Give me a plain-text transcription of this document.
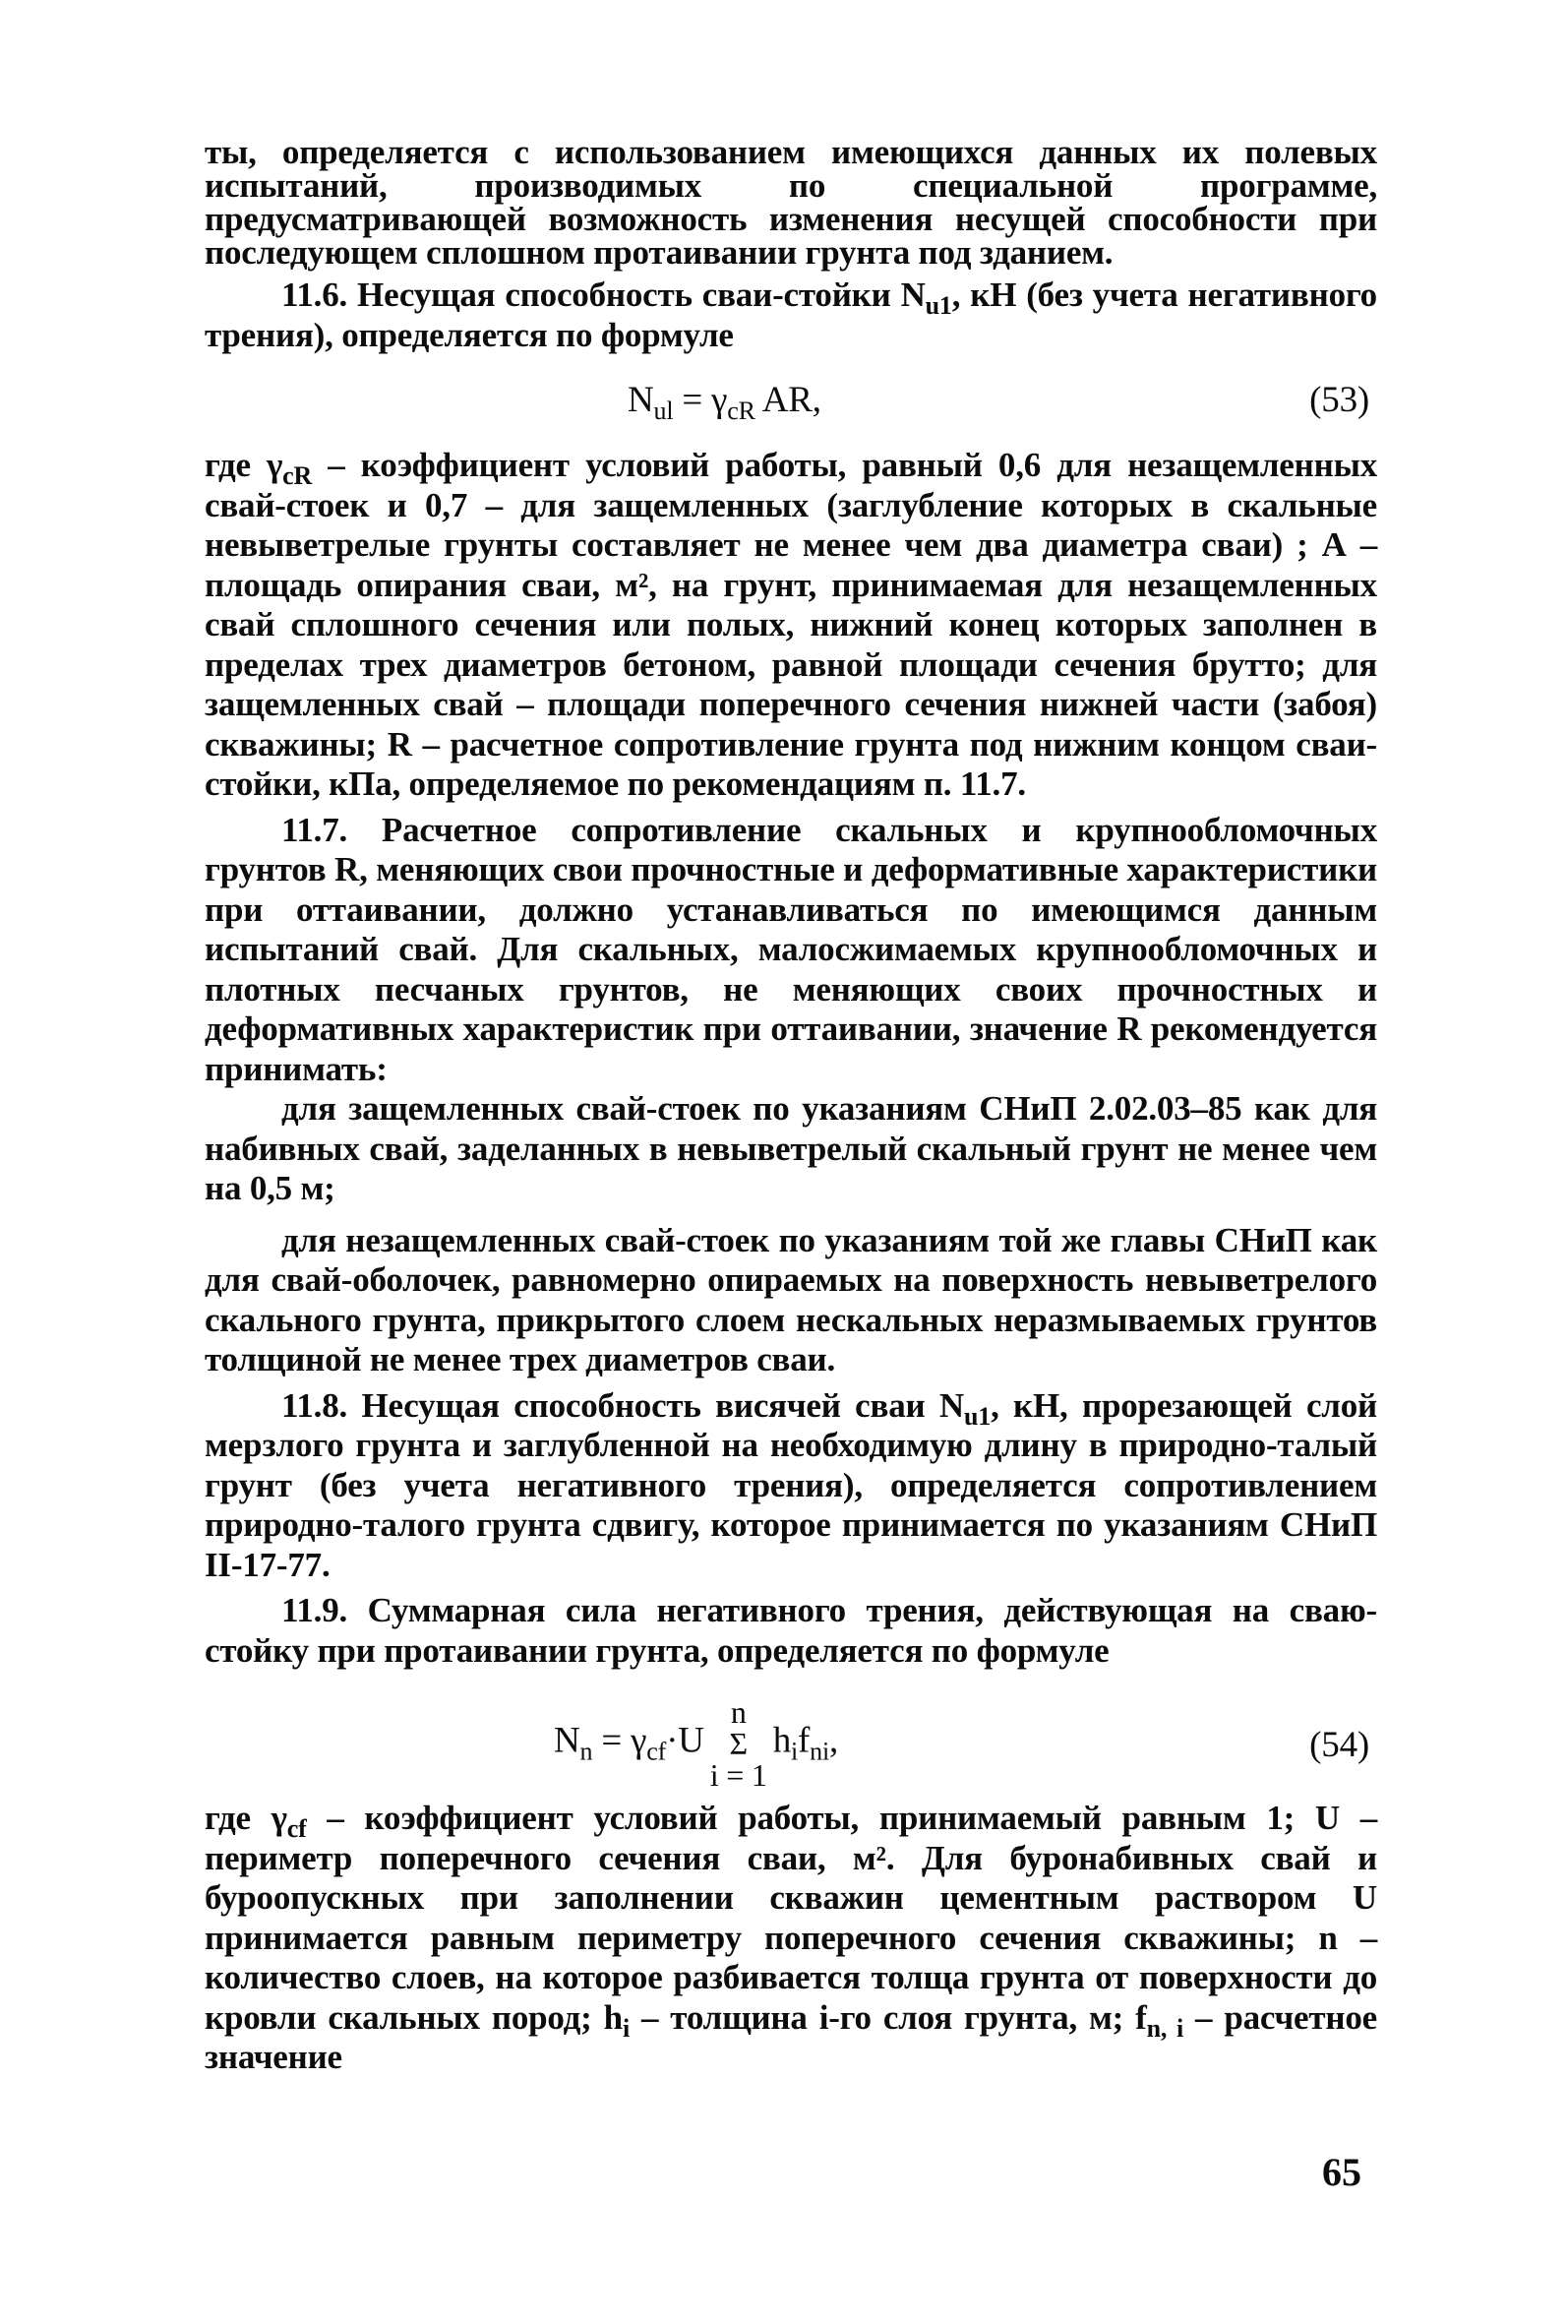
ты, определяется с использованием имеющихся данных их полевых испытаний, производимых по специальной программе, предусматривающей возможность изменения несущей способности при последующем сплошном протаивании грунта под зданием.

11.6. Несущая способность сваи-стойки $N_{u1}$, кН (без учета негативного трения), определяется по формуле

$N_{ul} = \gamma_{cR}$ AR,	(53)

где $\gamma_{cR}$ – коэффициент условий работы, равный 0,6 для незащемленных свай-стоек и 0,7 – для защемленных (заглубление которых в скальные невыветрелые грунты составляет не менее чем два диаметра сваи) ; А – площадь опирания сваи, м², на грунт, принимаемая для незащемленных свай сплошного сечения или полых, нижний конец которых заполнен в пределах трех диаметров бетоном, равной площади сечения брутто; для защемленных свай – площади поперечного сечения нижней части (забоя) скважины; R – расчетное сопротивление грунта под нижним концом сваи-стойки, кПа, определяемое по рекомендациям п. 11.7.

11.7. Расчетное сопротивление скальных и крупнообломочных грунтов R, меняющих свои прочностные и деформативные характеристики при оттаивании, должно устанавливаться по имеющимся данным испытаний свай. Для скальных, малосжимаемых крупнообломочных и плотных песчаных грунтов, не меняющих своих прочностных и деформативных характеристик при оттаивании, значение R рекомендуется принимать:

для защемленных свай-стоек по указаниям СНиП 2.02.03–85 как для набивных свай, заделанных в невыветрелый скальный грунт не менее чем на 0,5 м;

для незащемленных свай-стоек по указаниям той же главы СНиП как для свай-оболочек, равномерно опираемых на поверхность невыветрелого скального грунта, прикрытого слоем нескальных неразмываемых грунтов толщиной не менее трех диаметров сваи.

11.8. Несущая способность висячей сваи $N_{u1}$, кН, прорезающей слой мерзлого грунта и заглубленной на необходимую длину в природно-талый грунт (без учета негативного трения), определяется сопротивлением природно-талого грунта сдвигу, которое принимается по указаниям СНиП II-17-77.

11.9. Суммарная сила негативного трения, действующая на сваю-стойку при протаивании грунта, определяется по формуле

$N_n = \gamma_{cf}\cdot Un$
Σ
$i = 1h_if_{ni}$,	(54)

где $\gamma_{cf}$ – коэффициент условий работы, принимаемый равным 1; U – периметр поперечного сечения сваи, м². Для буронабивных свай и буроопускных при заполнении скважин цементным раствором U принимается равным периметру поперечного сечения скважины; n – количество слоев, на которое разбивается толща грунта от поверхности до кровли скальных пород; $h_i$ – толщина i-го слоя грунта, м; $f_{n, i}$ – расчетное значение

65
